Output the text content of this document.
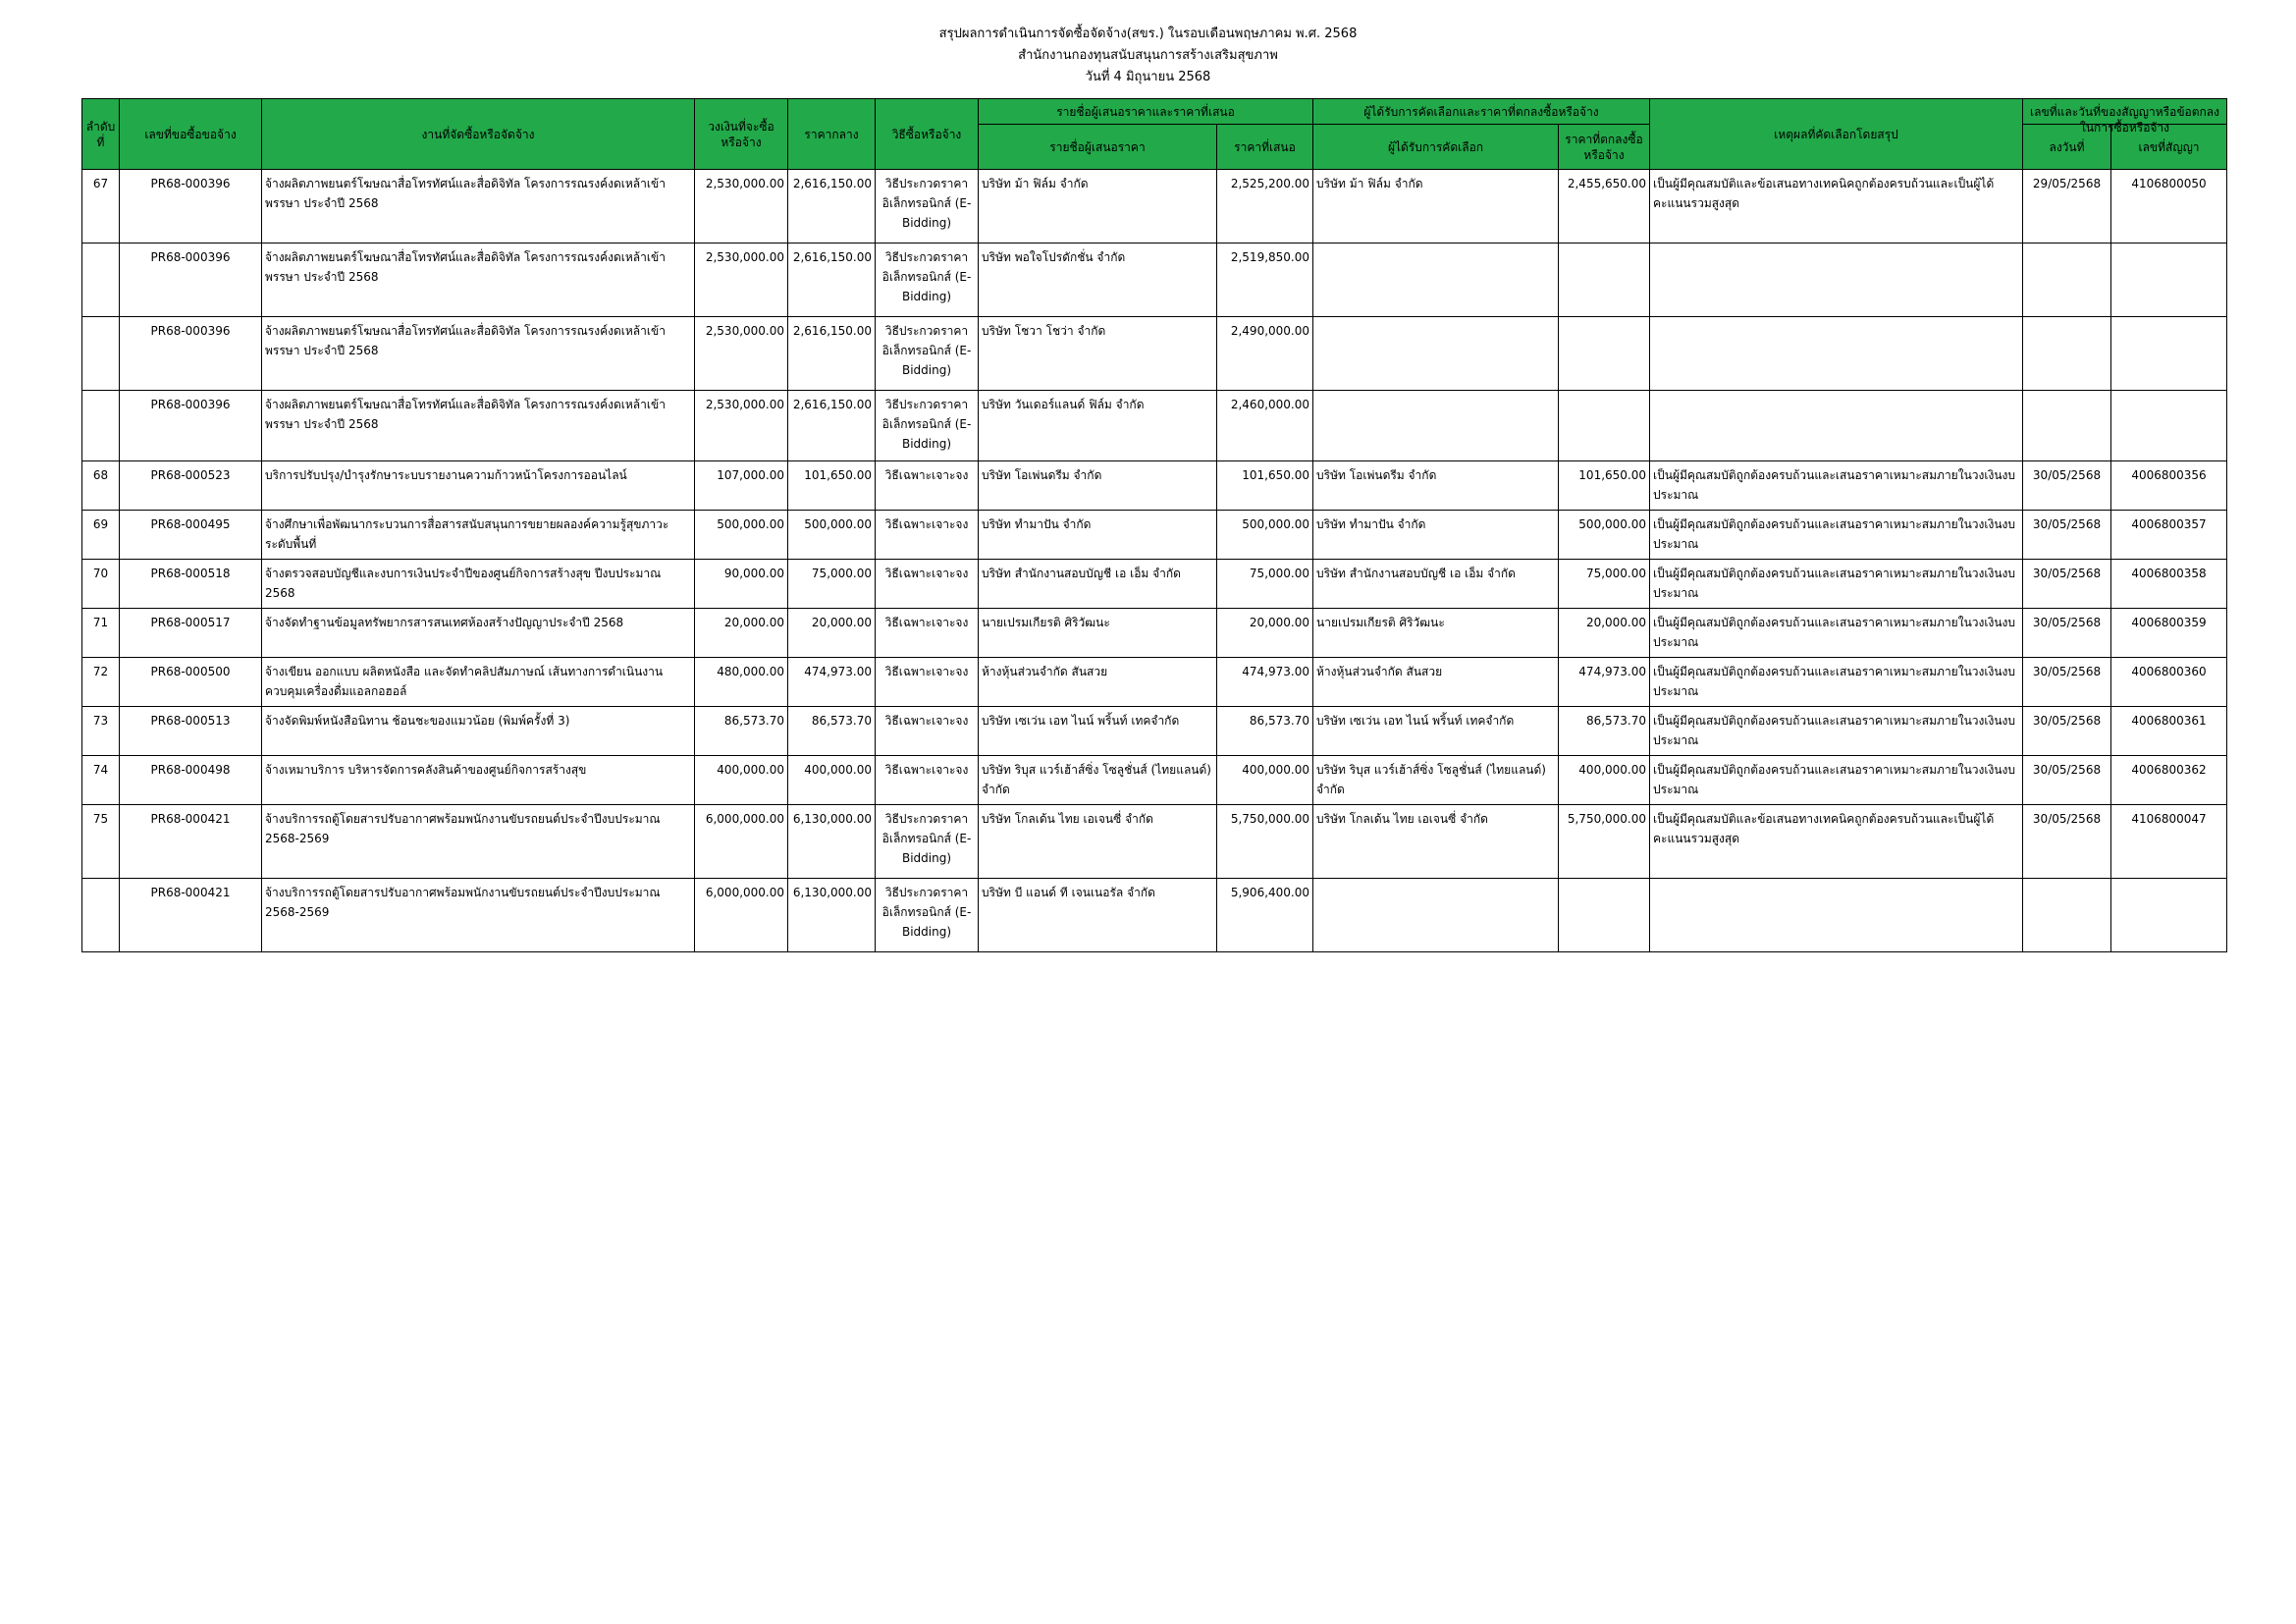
สรุปผลการดำเนินการจัดซื้อจัดจ้าง(สขร.) ในรอบเดือนพฤษภาคม พ.ศ. 2568
สำนักงานกองทุนสนับสนุนการสร้างเสริมสุขภาพ
วันที่ 4 มิถุนายน 2568
ลำดับที่	เลขที่ขอซื้อขอจ้าง	งานที่จัดซื้อหรือจัดจ้าง	วงเงินที่จะซื้อหรือจ้าง	ราคากลาง	วิธีซื้อหรือจ้าง	รายชื่อผู้เสนอราคาและราคาที่เสนอ		ผู้ได้รับการคัดเลือกและราคาที่ตกลงซื้อหรือจ้าง		เหตุผลที่คัดเลือกโดยสรุป	เลขที่และวันที่ของสัญญาหรือข้อตกลงในการซื้อหรือจ้าง	

						รายชื่อผู้เสนอราคา	ราคาที่เสนอ	ผู้ได้รับการคัดเลือก	ราคาที่ตกลงซื้อหรือจ้าง		ลงวันที่	เลขที่สัญญา
67	PR68-000396	จ้างผลิตภาพยนตร์โฆษณาสื่อโทรทัศน์และสื่อดิจิทัล โครงการรณรงค์งดเหล้าเข้าพรรษา ประจำปี 2568	2,530,000.00	2,616,150.00	วิธีประกวดราคาอิเล็กทรอนิกส์ (E-Bidding)	บริษัท ม้า ฟิล์ม จำกัด	2,525,200.00	บริษัท ม้า ฟิล์ม จำกัด	2,455,650.00	เป็นผู้มีคุณสมบัติและข้อเสนอทางเทคนิคถูกต้องครบถ้วนและเป็นผู้ได้คะแนนรวมสูงสุด	29/05/2568	4106800050
	PR68-000396	จ้างผลิตภาพยนตร์โฆษณาสื่อโทรทัศน์และสื่อดิจิทัล โครงการรณรงค์งดเหล้าเข้าพรรษา ประจำปี 2568	2,530,000.00	2,616,150.00	วิธีประกวดราคาอิเล็กทรอนิกส์ (E-Bidding)	บริษัท พอใจโปรดักชั่น จำกัด	2,519,850.00					
	PR68-000396	จ้างผลิตภาพยนตร์โฆษณาสื่อโทรทัศน์และสื่อดิจิทัล โครงการรณรงค์งดเหล้าเข้าพรรษา ประจำปี 2568	2,530,000.00	2,616,150.00	วิธีประกวดราคาอิเล็กทรอนิกส์ (E-Bidding)	บริษัท โชวา โชว่า จำกัด	2,490,000.00					
	PR68-000396	จ้างผลิตภาพยนตร์โฆษณาสื่อโทรทัศน์และสื่อดิจิทัล โครงการรณรงค์งดเหล้าเข้าพรรษา ประจำปี 2568	2,530,000.00	2,616,150.00	วิธีประกวดราคาอิเล็กทรอนิกส์ (E-Bidding)	บริษัท วันเดอร์แลนด์ ฟิล์ม จำกัด	2,460,000.00					
68	PR68-000523	บริการปรับปรุง/บำรุงรักษาระบบรายงานความก้าวหน้าโครงการออนไลน์	107,000.00	101,650.00	วิธีเฉพาะเจาะจง	บริษัท โอเพ่นดรีม จำกัด	101,650.00	บริษัท โอเพ่นดรีม จำกัด	101,650.00	เป็นผู้มีคุณสมบัติถูกต้องครบถ้วนและเสนอราคาเหมาะสมภายในวงเงินงบประมาณ	30/05/2568	4006800356
69	PR68-000495	จ้างศึกษาเพื่อพัฒนากระบวนการสื่อสารสนับสนุนการขยายผลองค์ความรู้สุขภาวะระดับพื้นที่	500,000.00	500,000.00	วิธีเฉพาะเจาะจง	บริษัท ทำมาปัน จำกัด	500,000.00	บริษัท ทำมาปัน จำกัด	500,000.00	เป็นผู้มีคุณสมบัติถูกต้องครบถ้วนและเสนอราคาเหมาะสมภายในวงเงินงบประมาณ	30/05/2568	4006800357
70	PR68-000518	จ้างตรวจสอบบัญชีและงบการเงินประจำปีของศูนย์กิจการสร้างสุข ปีงบประมาณ 2568	90,000.00	75,000.00	วิธีเฉพาะเจาะจง	บริษัท สำนักงานสอบบัญชี เอ เอ็ม จำกัด	75,000.00	บริษัท สำนักงานสอบบัญชี เอ เอ็ม จำกัด	75,000.00	เป็นผู้มีคุณสมบัติถูกต้องครบถ้วนและเสนอราคาเหมาะสมภายในวงเงินงบประมาณ	30/05/2568	4006800358
71	PR68-000517	จ้างจัดทำฐานข้อมูลทรัพยากรสารสนเทศห้องสร้างปัญญาประจำปี 2568	20,000.00	20,000.00	วิธีเฉพาะเจาะจง	นายเปรมเกียรติ ศิริวัฒนะ	20,000.00	นายเปรมเกียรติ ศิริวัฒนะ	20,000.00	เป็นผู้มีคุณสมบัติถูกต้องครบถ้วนและเสนอราคาเหมาะสมภายในวงเงินงบประมาณ	30/05/2568	4006800359
72	PR68-000500	จ้างเขียน ออกแบบ ผลิตหนังสือ และจัดทำคลิปสัมภาษณ์ เส้นทางการดำเนินงานควบคุมเครื่องดื่มแอลกอฮอล์	480,000.00	474,973.00	วิธีเฉพาะเจาะจง	ห้างหุ้นส่วนจำกัด สันสวย	474,973.00	ห้างหุ้นส่วนจำกัด สันสวย	474,973.00	เป็นผู้มีคุณสมบัติถูกต้องครบถ้วนและเสนอราคาเหมาะสมภายในวงเงินงบประมาณ	30/05/2568	4006800360
73	PR68-000513	จ้างจัดพิมพ์หนังสือนิทาน ช้อนชะของแมวน้อย (พิมพ์ครั้งที่ 3)	86,573.70	86,573.70	วิธีเฉพาะเจาะจง	บริษัท เซเว่น เอท ไนน์ พริ้นท์ เทคจำกัด	86,573.70	บริษัท เซเว่น เอท ไนน์ พริ้นท์ เทคจำกัด	86,573.70	เป็นผู้มีคุณสมบัติถูกต้องครบถ้วนและเสนอราคาเหมาะสมภายในวงเงินงบประมาณ	30/05/2568	4006800361
74	PR68-000498	จ้างเหมาบริการ บริหารจัดการคลังสินค้าของศูนย์กิจการสร้างสุข	400,000.00	400,000.00	วิธีเฉพาะเจาะจง	บริษัท ริบุส แวร์เฮ้าส์ซิ่ง โซลูชั่นส์ (ไทยแลนด์) จำกัด	400,000.00	บริษัท ริบุส แวร์เฮ้าส์ซิ่ง โซลูชั่นส์ (ไทยแลนด์) จำกัด	400,000.00	เป็นผู้มีคุณสมบัติถูกต้องครบถ้วนและเสนอราคาเหมาะสมภายในวงเงินงบประมาณ	30/05/2568	4006800362
75	PR68-000421	จ้างบริการรถตู้โดยสารปรับอากาศพร้อมพนักงานขับรถยนต์ประจำปีงบประมาณ 2568-2569	6,000,000.00	6,130,000.00	วิธีประกวดราคาอิเล็กทรอนิกส์ (E-Bidding)	บริษัท โกลเด้น ไทย เอเจนซี่ จำกัด	5,750,000.00	บริษัท โกลเด้น ไทย เอเจนซี่ จำกัด	5,750,000.00	เป็นผู้มีคุณสมบัติและข้อเสนอทางเทคนิคถูกต้องครบถ้วนและเป็นผู้ได้คะแนนรวมสูงสุด	30/05/2568	4106800047
	PR68-000421	จ้างบริการรถตู้โดยสารปรับอากาศพร้อมพนักงานขับรถยนต์ประจำปีงบประมาณ 2568-2569	6,000,000.00	6,130,000.00	วิธีประกวดราคาอิเล็กทรอนิกส์ (E-Bidding)	บริษัท บี แอนด์ ที เจนเนอรัล จำกัด	5,906,400.00					
